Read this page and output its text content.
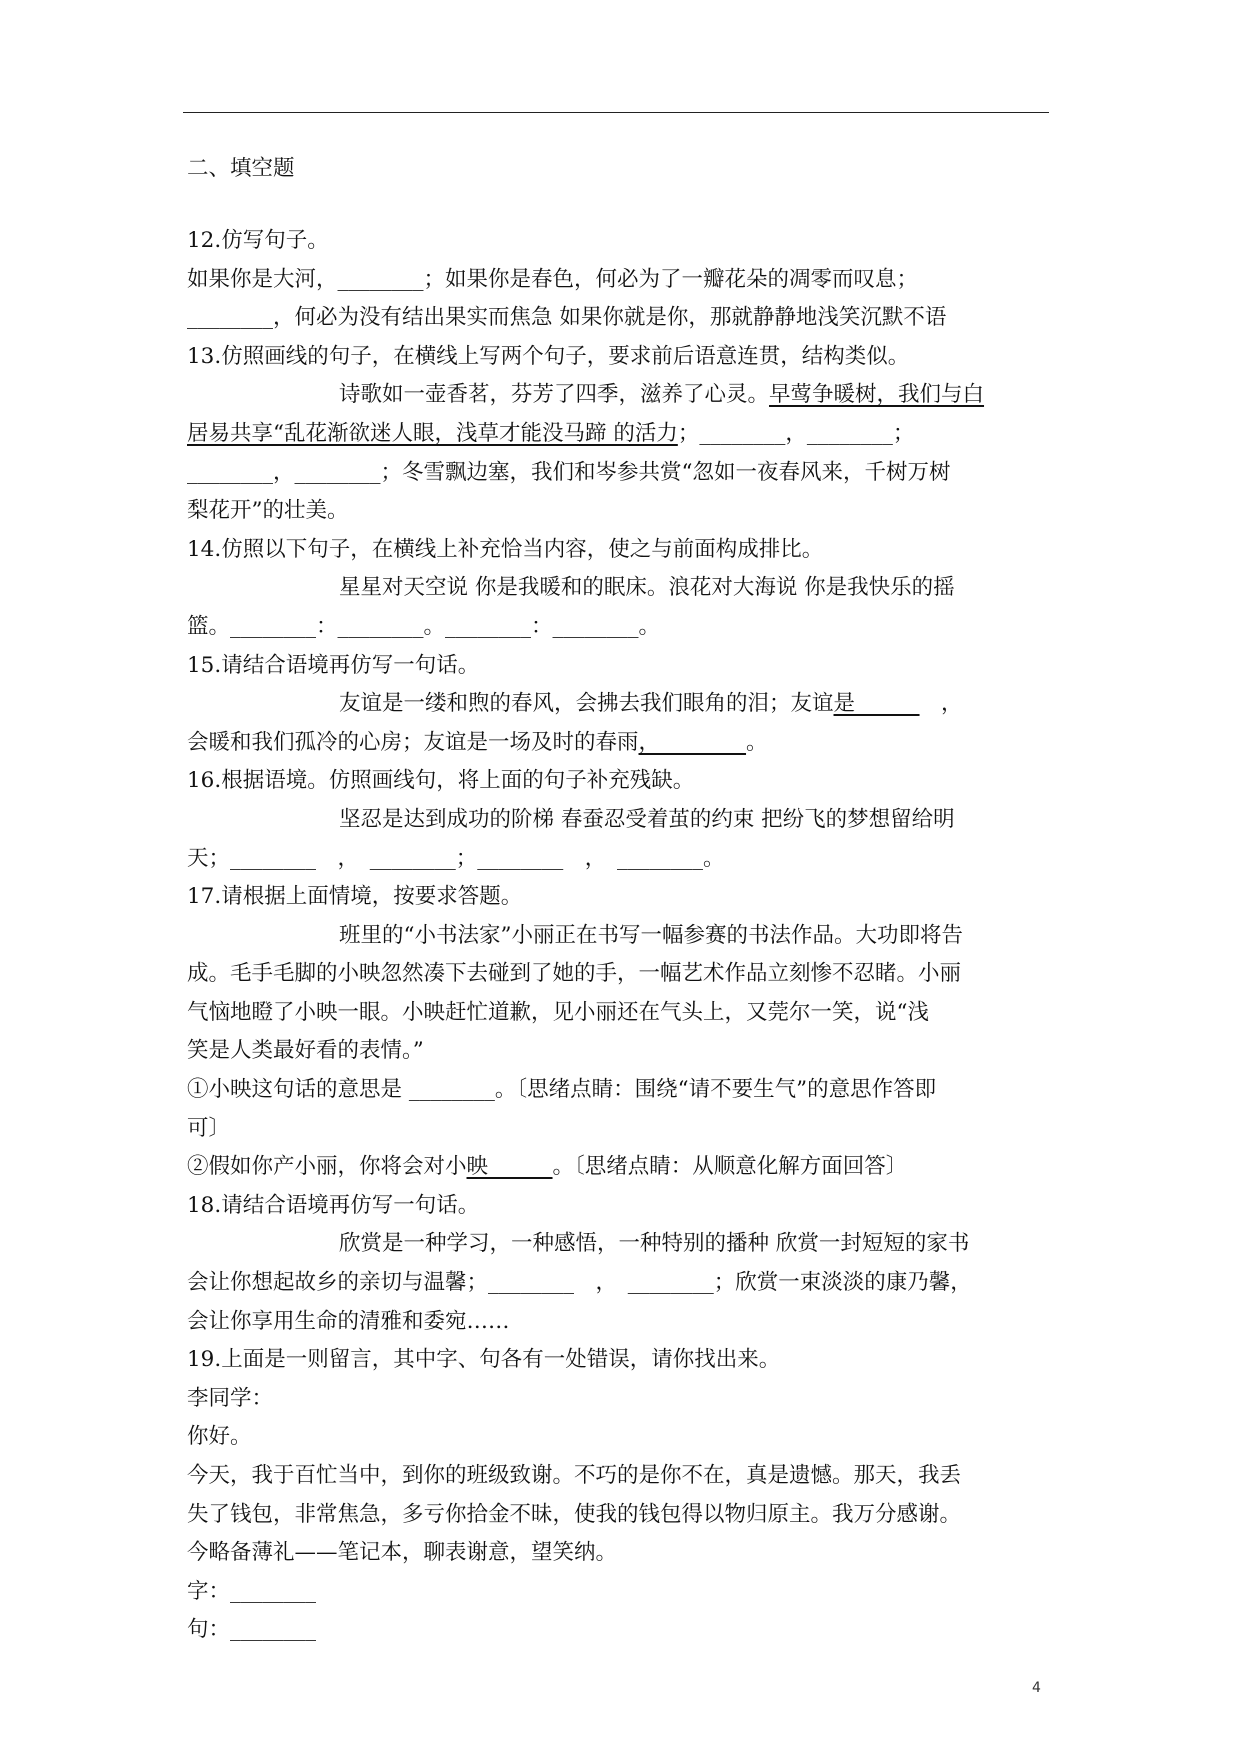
二、填空题
12.仿写句子。
如果你是大河，________；如果你是春色，何必为了一瓣花朵的凋零而叹息；
________，何必为没有结出果实而焦急 如果你就是你，那就静静地浅笑沉默不语
13.仿照画线的句子，在横线上写两个句子，要求前后语意连贯，结构类似。
诗歌如一壶香茗，芬芳了四季，滋养了心灵。早莺争暖树，我们与白
居易共享“乱花渐欲迷人眼，浅草才能没马蹄 的活力；________，________；
________，________；冬雪飘边塞，我们和岑参共赏“忽如一夜春风来，千树万树
梨花开”的壮美。
14.仿照以下句子，在横线上补充恰当内容，使之与前面构成排比。
星星对天空说 你是我暖和的眠床。浪花对大海说 你是我快乐的摇
篮。________：________。________：________。
15.请结合语境再仿写一句话。
友谊是一缕和煦的春风，会拂去我们眼角的泪；友谊是______　，
会暖和我们孤冷的心房；友谊是一场及时的春雨，________。
16.根据语境。仿照画线句，将上面的句子补充残缺。
坚忍是达到成功的阶梯 春蚕忍受着茧的约束 把纷飞的梦想留给明
天；________　，　________；________　，　________。
17.请根据上面情境，按要求答题。
班里的“小书法家”小丽正在书写一幅参赛的书法作品。大功即将告
成。毛手毛脚的小映忽然凑下去碰到了她的手，一幅艺术作品立刻惨不忍睹。小丽
气恼地瞪了小映一眼。小映赶忙道歉，见小丽还在气头上，又莞尔一笑，说“浅
笑是人类最好看的表情。”
①小映这句话的意思是 ________。〔思绪点睛：围绕“请不要生气”的意思作答即
可〕
②假如你产小丽，你将会对小映______。〔思绪点睛：从顺意化解方面回答〕
18.请结合语境再仿写一句话。
欣赏是一种学习，一种感悟，一种特别的播种 欣赏一封短短的家书
会让你想起故乡的亲切与温馨；________　，　________；欣赏一束淡淡的康乃馨，
会让你享用生命的清雅和委宛……
19.上面是一则留言，其中字、句各有一处错误，请你找出来。
李同学：
你好。
今天，我于百忙当中，到你的班级致谢。不巧的是你不在，真是遗憾。那天，我丢
失了钱包，非常焦急，多亏你拾金不昧，使我的钱包得以物归原主。我万分感谢。
今略备薄礼——笔记本，聊表谢意，望笑纳。
字：________
句：________
4
